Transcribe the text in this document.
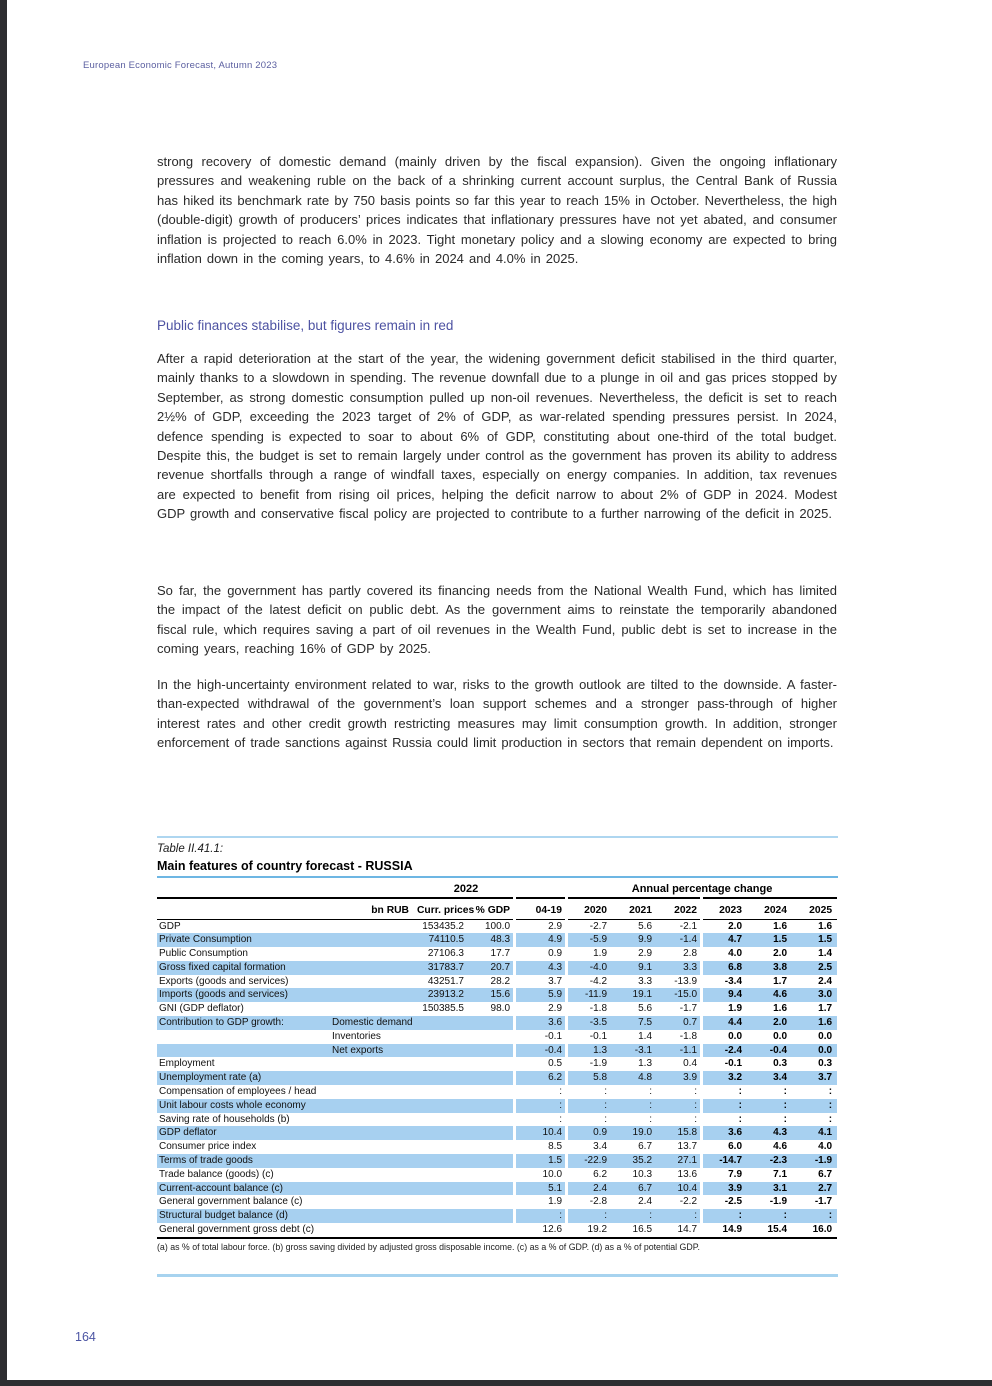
European Economic Forecast, Autumn 2023

strong recovery of domestic demand (mainly driven by the fiscal expansion). Given the ongoing inflationary pressures and weakening ruble on the back of a shrinking current account surplus, the Central Bank of Russia has hiked its benchmark rate by 750 basis points so far this year to reach 15% in October. Nevertheless, the high (double-digit) growth of producers’ prices indicates that inflationary pressures have not yet abated, and consumer inflation is projected to reach 6.0% in 2023. Tight monetary policy and a slowing economy are expected to bring inflation down in the coming years, to 4.6% in 2024 and 4.0% in 2025.

Public finances stabilise, but figures remain in red

After a rapid deterioration at the start of the year, the widening government deficit stabilised in the third quarter, mainly thanks to a slowdown in spending. The revenue downfall due to a plunge in oil and gas prices stopped by September, as strong domestic consumption pulled up non-oil revenues. Nevertheless, the deficit is set to reach 2½% of GDP, exceeding the 2023 target of 2% of GDP, as war-related spending pressures persist. In 2024, defence spending is expected to soar to about 6% of GDP, constituting about one-third of the total budget. Despite this, the budget is set to remain largely under control as the government has proven its ability to address revenue shortfalls through a range of windfall taxes, especially on energy companies. In addition, tax revenues are expected to benefit from rising oil prices, helping the deficit narrow to about 2% of GDP in 2024. Modest GDP growth and conservative fiscal policy are projected to contribute to a further narrowing of the deficit in 2025.

So far, the government has partly covered its financing needs from the National Wealth Fund, which has limited the impact of the latest deficit on public debt. As the government aims to reinstate the temporarily abandoned fiscal rule, which requires saving a part of oil revenues in the Wealth Fund, public debt is set to increase in the coming years, reaching 16% of GDP by 2025.

In the high-uncertainty environment related to war, risks to the growth outlook are tilted to the downside. A faster-than-expected withdrawal of the government’s loan support schemes and a stronger pass-through of higher interest rates and other credit growth restricting measures may limit consumption growth. In addition, stronger enforcement of trade sanctions against Russia could limit production in sectors that remain dependent on imports.

Table II.41.1:
Main features of country forecast - RUSSIA
		2022			Annual percentage change					
	bn RUB	Curr. prices	% GDP	04-19	2020	2021	2022	2023	2024	2025
GDP		153435.2	100.0	2.9	-2.7	5.6	-2.1	2.0	1.6	1.6
Private Consumption		74110.5	48.3	4.9	-5.9	9.9	-1.4	4.7	1.5	1.5
Public Consumption		27106.3	17.7	0.9	1.9	2.9	2.8	4.0	2.0	1.4
Gross fixed capital formation		31783.7	20.7	4.3	-4.0	9.1	3.3	6.8	3.8	2.5
Exports (goods and services)		43251.7	28.2	3.7	-4.2	3.3	-13.9	-3.4	1.7	2.4
Imports (goods and services)		23913.2	15.6	5.9	-11.9	19.1	-15.0	9.4	4.6	3.0
GNI (GDP deflator)		150385.5	98.0	2.9	-1.8	5.6	-1.7	1.9	1.6	1.7
Contribution to GDP growth:	Domestic demand			3.6	-3.5	7.5	0.7	4.4	2.0	1.6
	Inventories			-0.1	-0.1	1.4	-1.8	0.0	0.0	0.0
	Net exports			-0.4	1.3	-3.1	-1.1	-2.4	-0.4	0.0
Employment				0.5	-1.9	1.3	0.4	-0.1	0.3	0.3
Unemployment rate (a)				6.2	5.8	4.8	3.9	3.2	3.4	3.7
Compensation of employees / head				:	:	:	:	:	:	:
Unit labour costs whole economy				:	:	:	:	:	:	:
Saving rate of households (b)				:	:	:	:	:	:	:
GDP deflator				10.4	0.9	19.0	15.8	3.6	4.3	4.1
Consumer price index				8.5	3.4	6.7	13.7	6.0	4.6	4.0
Terms of trade goods				1.5	-22.9	35.2	27.1	-14.7	-2.3	-1.9
Trade balance (goods) (c)				10.0	6.2	10.3	13.6	7.9	7.1	6.7
Current-account balance (c)				5.1	2.4	6.7	10.4	3.9	3.1	2.7
General government balance (c)				1.9	-2.8	2.4	-2.2	-2.5	-1.9	-1.7
Structural budget balance (d)				:	:	:	:	:	:	:
General government gross debt (c)				12.6	19.2	16.5	14.7	14.9	15.4	16.0
(a) as % of total labour force. (b) gross saving divided by adjusted gross disposable income. (c) as a % of GDP. (d) as a % of potential GDP.
164
